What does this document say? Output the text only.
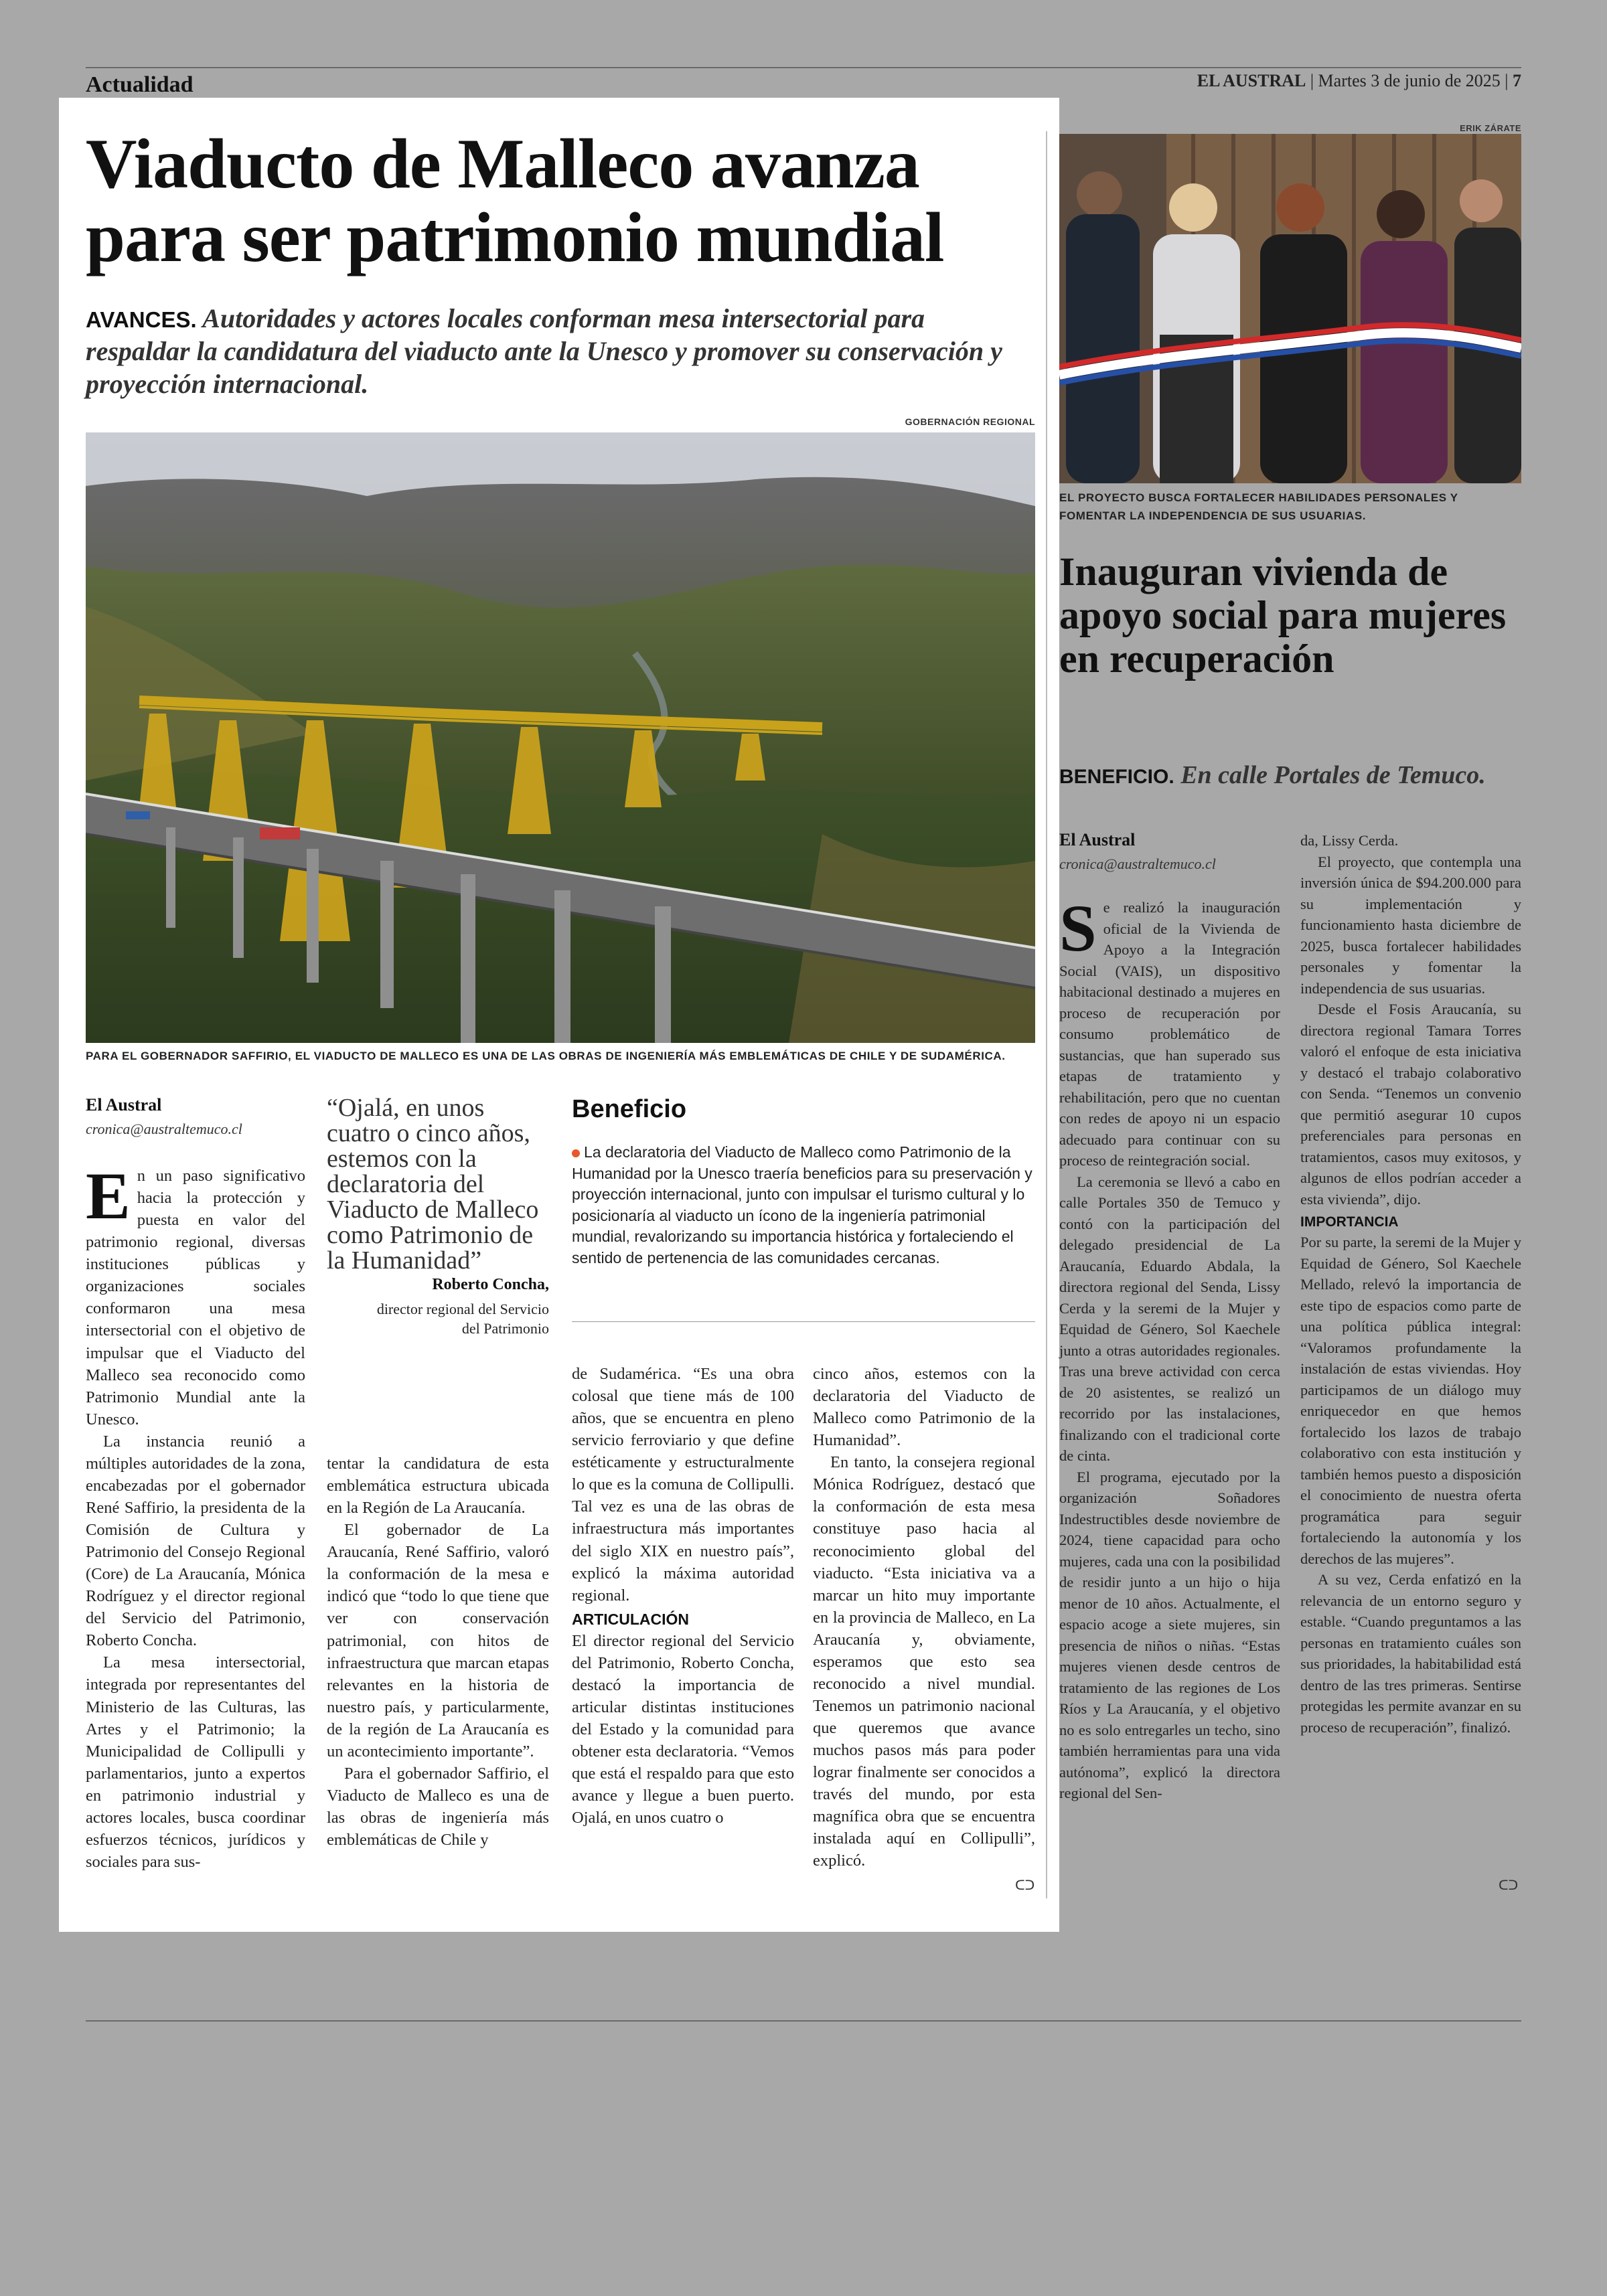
Actualidad	EL AUSTRAL | Martes 3 de junio de 2025 | 7
Viaducto de Malleco avanza para ser patrimonio mundial
AVANCES. Autoridades y actores locales conforman mesa intersectorial para respaldar la candidatura del viaducto ante la Unesco y promover su conservación y proyección internacional.
GOBERNACIÓN REGIONAL
PARA EL GOBERNADOR SAFFIRIO, EL VIADUCTO DE MALLECO ES UNA DE LAS OBRAS DE INGENIERÍA MÁS EMBLEMÁTICAS DE CHILE Y DE SUDAMÉRICA.
El Austral
cronica@australtemuco.cl

En un paso significativo hacia la protección y puesta en valor del patrimonio regional, diversas instituciones públicas y organizaciones sociales conformaron una mesa intersectorial con el objetivo de impulsar que el Viaducto del Malleco sea reconocido como Patrimonio Mundial ante la Unesco.

La instancia reunió a múltiples autoridades de la zona, encabezadas por el gobernador René Saffirio, la presidenta de la Comisión de Cultura y Patrimonio del Consejo Regional (Core) de La Araucanía, Mónica Rodríguez y el director regional del Servicio del Patrimonio, Roberto Concha.

La mesa intersectorial, integrada por representantes del Ministerio de las Culturas, las Artes y el Patrimonio; la Municipalidad de Collipulli y parlamentarios, junto a expertos en patrimonio industrial y actores locales, busca coordinar esfuerzos técnicos, jurídicos y sociales para sus-

“Ojalá, en unos cuatro o cinco años, estemos con la declaratoria del Viaducto de Malleco como Patrimonio de la Humanidad”
Roberto Concha,
director regional del Servicio del Patrimonio

tentar la candidatura de esta emblemática estructura ubicada en la Región de La Araucanía.

El gobernador de La Araucanía, René Saffirio, valoró la conformación de la mesa e indicó que “todo lo que tiene que ver con conservación patrimonial, con hitos de infraestructura que marcan etapas relevantes en la historia de nuestro país, y particularmente, de la región de La Araucanía es un acontecimiento importante”.

Para el gobernador Saffirio, el Viaducto de Malleco es una de las obras de ingeniería más emblemáticas de Chile y

Beneficio
La declaratoria del Viaducto de Malleco como Patrimonio de la Humanidad por la Unesco traería beneficios para su preservación y proyección internacional, junto con impulsar el turismo cultural y lo posicionaría al viaducto un ícono de la ingeniería patrimonial mundial, revalorizando su importancia histórica y fortaleciendo el sentido de pertenencia de las comunidades cercanas.

de Sudamérica. “Es una obra colosal que tiene más de 100 años, que se encuentra en pleno servicio ferroviario y que define estéticamente y estructuralmente lo que es la comuna de Collipulli. Tal vez es una de las obras de infraestructura más importantes del siglo XIX en nuestro país”, explicó la máxima autoridad regional.

ARTICULACIÓN

El director regional del Servicio del Patrimonio, Roberto Concha, destacó la importancia de articular distintas instituciones del Estado y la comunidad para obtener esta declaratoria. “Vemos que está el respaldo para que esto avance y llegue a buen puerto. Ojalá, en unos cuatro o

cinco años, estemos con la declaratoria del Viaducto de Malleco como Patrimonio de la Humanidad”.

En tanto, la consejera regional Mónica Rodríguez, destacó que la conformación de esta mesa constituye paso hacia al reconocimiento global del viaducto. “Esta iniciativa va a marcar un hito muy importante en la provincia de Malleco, en La Araucanía y, obviamente, esperamos que esto sea reconocido a nivel mundial. Tenemos un patrimonio nacional que queremos que avance muchos pasos más para poder lograr finalmente ser conocidos a través del mundo, por esta magnífica obra que se encuentra instalada aquí en Collipulli”, explicó.

ᑕᑐ
ERIK ZÁRATE
EL PROYECTO BUSCA FORTALECER HABILIDADES PERSONALES Y FOMENTAR LA INDEPENDENCIA DE SUS USUARIAS.
Inauguran vivienda de apoyo social para mujeres en recuperación
BENEFICIO. En calle Portales de Temuco.
El Austral
cronica@australtemuco.cl

Se realizó la inauguración oficial de la Vivienda de Apoyo a la Integración Social (VAIS), un dispositivo habitacional destinado a mujeres en proceso de recuperación por consumo problemático de sustancias, que han superado sus etapas de tratamiento y rehabilitación, pero que no cuentan con redes de apoyo ni un espacio adecuado para continuar con su proceso de reintegración social.

La ceremonia se llevó a cabo en calle Portales 350 de Temuco y contó con la participación del delegado presidencial de La Araucanía, Eduardo Abdala, la directora regional del Senda, Lissy Cerda y la seremi de la Mujer y Equidad de Género, Sol Kaechele junto a otras autoridades regionales. Tras una breve actividad con cerca de 20 asistentes, se realizó un recorrido por las instalaciones, finalizando con el tradicional corte de cinta.

El programa, ejecutado por la organización Soñadores Indestructibles desde noviembre de 2024, tiene capacidad para ocho mujeres, cada una con la posibilidad de residir junto a un hijo o hija menor de 10 años. Actualmente, el espacio acoge a siete mujeres, sin presencia de niños o niñas. “Estas mujeres vienen desde centros de tratamiento de las regiones de Los Ríos y La Araucanía, y el objetivo no es solo entregarles un techo, sino también herramientas para una vida autónoma”, explicó la directora regional del Sen-

da, Lissy Cerda.

El proyecto, que contempla una inversión única de $94.200.000 para su implementación y funcionamiento hasta diciembre de 2025, busca fortalecer habilidades personales y fomentar la independencia de sus usuarias.

Desde el Fosis Araucanía, su directora regional Tamara Torres valoró el enfoque de esta iniciativa y destacó el trabajo colaborativo con Senda. “Tenemos un convenio que permitió asegurar 10 cupos preferenciales para personas en tratamientos, casos muy exitosos, y algunos de ellos podrían acceder a esta vivienda”, dijo.

IMPORTANCIA

Por su parte, la seremi de la Mujer y Equidad de Género, Sol Kaechele Mellado, relevó la importancia de este tipo de espacios como parte de una política pública integral: “Valoramos profundamente la instalación de estas viviendas. Hoy participamos de un diálogo muy enriquecedor en que hemos fortalecido los lazos de trabajo colaborativo con esta institución y también hemos puesto a disposición el conocimiento de nuestra oferta programática para seguir fortaleciendo la autonomía y los derechos de las mujeres”.

A su vez, Cerda enfatizó en la relevancia de un entorno seguro y estable. “Cuando preguntamos a las personas en tratamiento cuáles son sus prioridades, la habitabilidad está dentro de las tres primeras. Sentirse protegidas les permite avanzar en su proceso de recuperación”, finalizó.

ᑕᑐ
